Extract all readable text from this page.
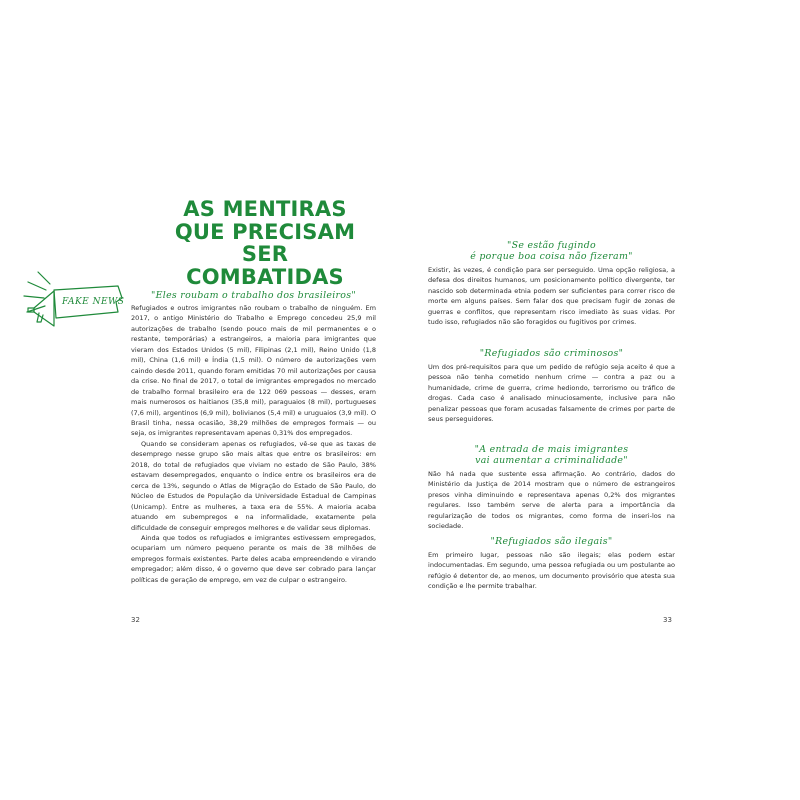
AS MENTIRAS
QUE PRECISAM SER
COMBATIDAS
FAKE NEWS

"Eles roubam o trabalho dos brasileiros"

Refugiados e outros imigrantes não roubam o trabalho de ninguém. Em 2017, o antigo Ministério do Trabalho e Emprego concedeu 25,9 mil autorizações de trabalho (sendo pouco mais de mil permanentes e o restante, temporárias) a estrangeiros, a maioria para imigrantes que vieram dos Estados Unidos (5 mil), Filipinas (2,1 mil), Reino Unido (1,8 mil), China (1,6 mil) e Índia (1,5 mil). O número de autorizações vem caindo desde 2011, quando foram emitidas 70 mil autorizações por causa da crise. No final de 2017, o total de imigrantes empregados no mercado de trabalho formal brasileiro era de 122 069 pessoas — desses, eram mais numerosos os haitianos (35,8 mil), paraguaios (8 mil), portugueses (7,6 mil), argentinos (6,9 mil), bolivianos (5,4 mil) e uruguaios (3,9 mil). O Brasil tinha, nessa ocasião, 38,29 milhões de empregos formais — ou seja, os imigrantes representavam apenas 0,31% dos empregados.

Quando se consideram apenas os refugiados, vê-se que as taxas de desemprego nesse grupo são mais altas que entre os brasileiros: em 2018, do total de refugiados que viviam no estado de São Paulo, 38% estavam desempregados, enquanto o índice entre os brasileiros era de cerca de 13%, segundo o Atlas de Migração do Estado de São Paulo, do Núcleo de Estudos de População da Universidade Estadual de Campinas (Unicamp). Entre as mulheres, a taxa era de 55%. A maioria acaba atuando em subempregos e na informalidade, exatamente pela dificuldade de conseguir empregos melhores e de validar seus diplomas.

Ainda que todos os refugiados e imigrantes estivessem empregados, ocupariam um número pequeno perante os mais de 38 milhões de empregos formais existentes. Parte deles acaba empreendendo e virando empregador; além disso, é o governo que deve ser cobrado para lançar políticas de geração de emprego, em vez de culpar o estrangeiro.

32

"Se estão fugindo

é porque boa coisa não fizeram"

Existir, às vezes, é condição para ser perseguido. Uma opção religiosa, a defesa dos direitos humanos, um posicionamento político divergente, ter nascido sob determinada etnia podem ser suficientes para correr risco de morte em alguns países. Sem falar dos que precisam fugir de zonas de guerras e conflitos, que representam risco imediato às suas vidas. Por tudo isso, refugiados não são foragidos ou fugitivos por crimes.

"Refugiados são criminosos"

Um dos pré-requisitos para que um pedido de refúgio seja aceito é que a pessoa não tenha cometido nenhum crime — contra a paz ou a humanidade, crime de guerra, crime hediondo, terrorismo ou tráfico de drogas. Cada caso é analisado minuciosamente, inclusive para não penalizar pessoas que foram acusadas falsamente de crimes por parte de seus perseguidores.

"A entrada de mais imigrantes

vai aumentar a criminalidade"

Não há nada que sustente essa afirmação. Ao contrário, dados do Ministério da Justiça de 2014 mostram que o número de estrangeiros presos vinha diminuindo e representava apenas 0,2% dos migrantes regulares. Isso também serve de alerta para a importância da regularização de todos os migrantes, como forma de inseri-los na sociedade.

"Refugiados são ilegais"

Em primeiro lugar, pessoas não são ilegais; elas podem estar indocumentadas. Em segundo, uma pessoa refugiada ou um postulante ao refúgio é detentor de, ao menos, um documento provisório que atesta sua condição e lhe permite trabalhar.

33
